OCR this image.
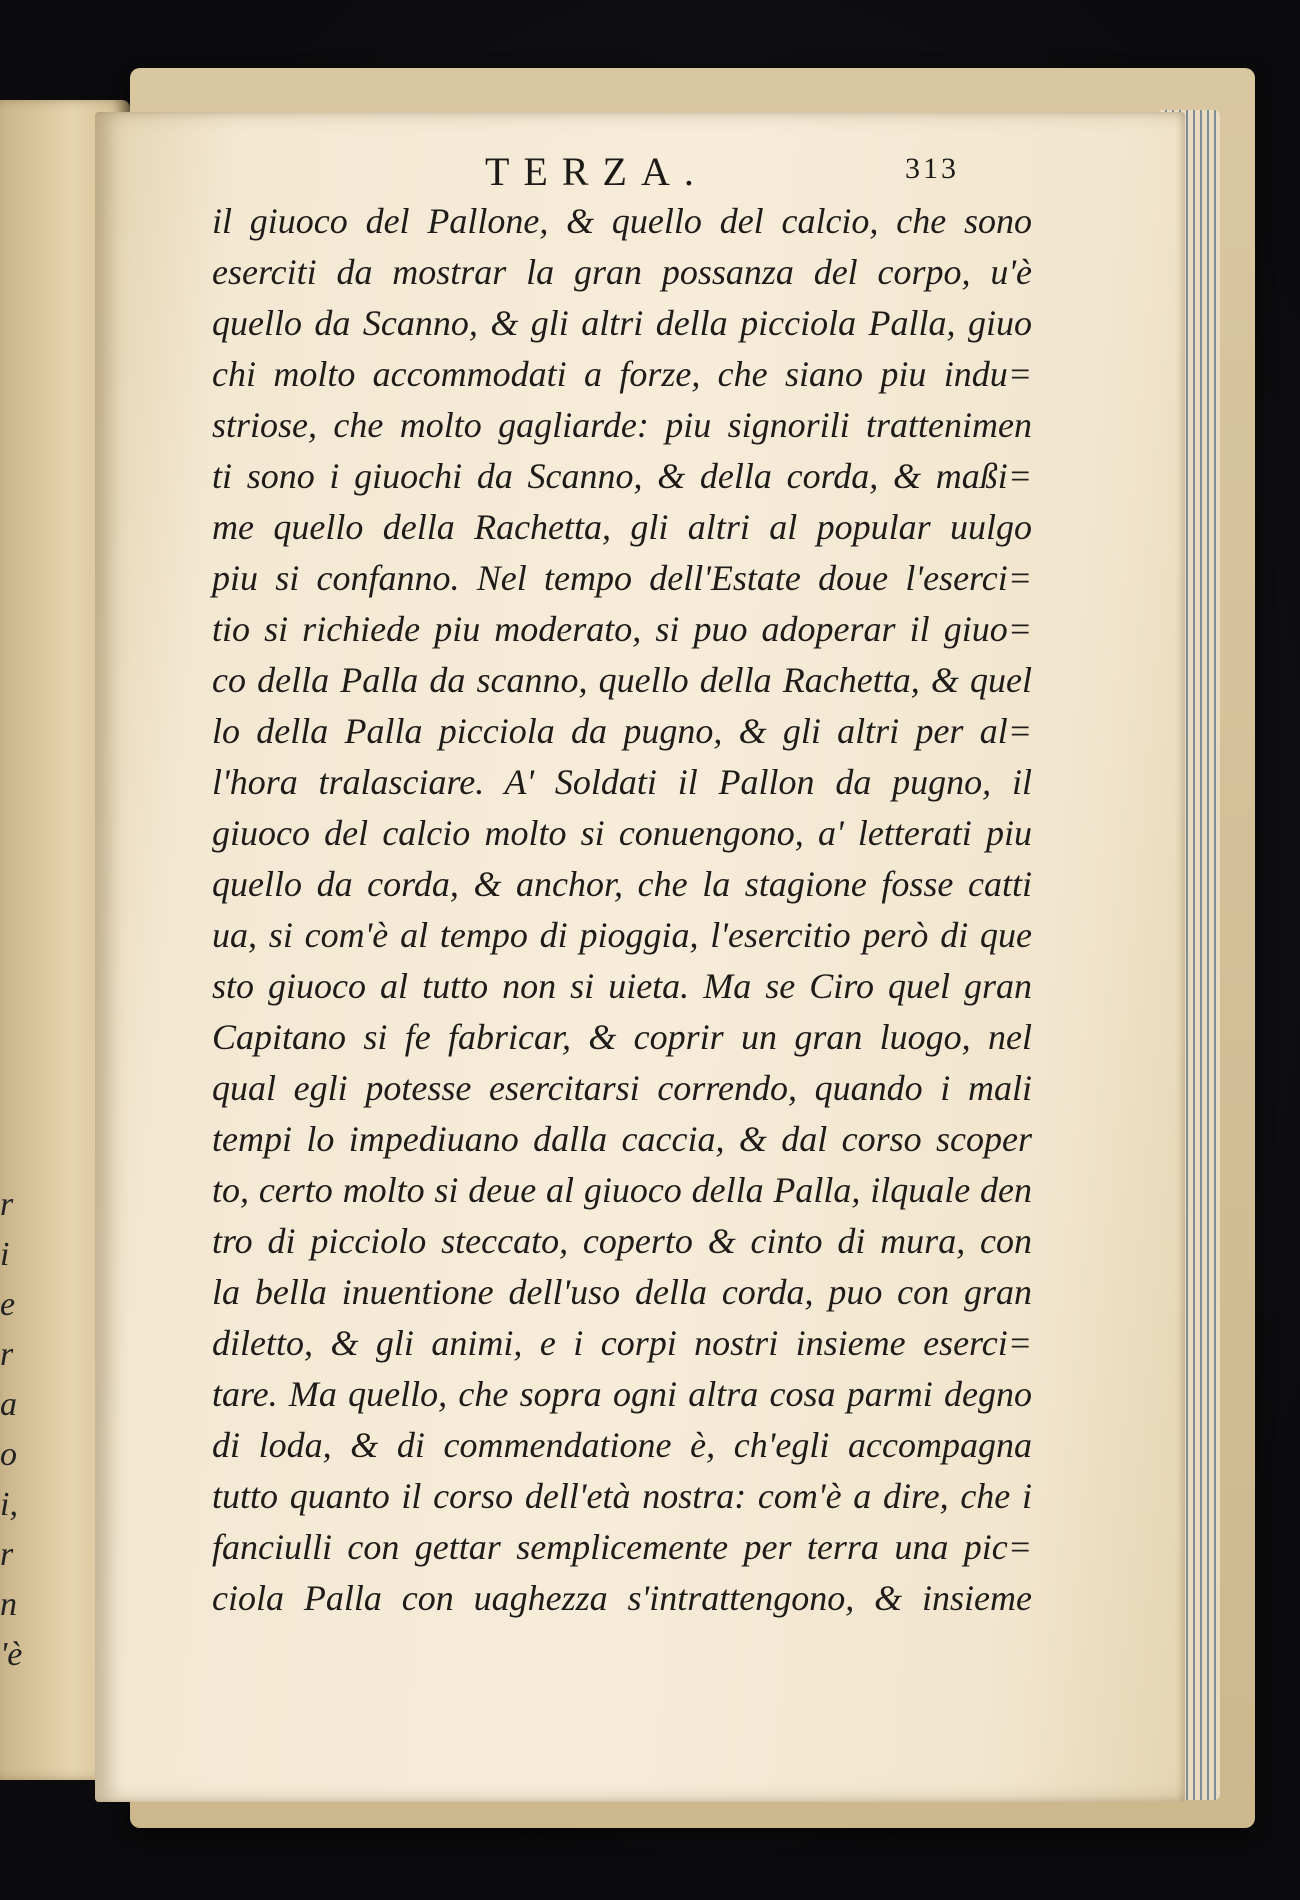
r
i
e
r
a
o
i,
r
n
'è
TERZA.	313
il giuoco del Pallone, & quello del calcio, che sono
eserciti da mostrar la gran possanza del corpo, u'è
quello da Scanno, & gli altri della picciola Palla, giuo
chi molto accommodati a forze, che siano piu indu=
striose, che molto gagliarde: piu signorili trattenimen
ti sono i giuochi da Scanno, & della corda, & maßi=
me quello della Rachetta, gli altri al popular uulgo
piu si confanno. Nel tempo dell'Estate doue l'eserci=
tio si richiede piu moderato, si puo adoperar il giuo=
co della Palla da scanno, quello della Rachetta, & quel
lo della Palla picciola da pugno, & gli altri per al=
l'hora tralasciare. A' Soldati il Pallon da pugno, il
giuoco del calcio molto si conuengono, a' letterati piu
quello da corda, & anchor, che la stagione fosse catti
ua, si com'è al tempo di pioggia, l'esercitio però di que
sto giuoco al tutto non si uieta. Ma se Ciro quel gran
Capitano si fe fabricar, & coprir un gran luogo, nel
qual egli potesse esercitarsi correndo, quando i mali
tempi lo impediuano dalla caccia, & dal corso scoper
to, certo molto si deue al giuoco della Palla, ilquale den
tro di picciolo steccato, coperto & cinto di mura, con
la bella inuentione dell'uso della corda, puo con gran
diletto, & gli animi, e i corpi nostri insieme eserci=
tare. Ma quello, che sopra ogni altra cosa parmi degno
di loda, & di commendatione è, ch'egli accompagna
tutto quanto il corso dell'età nostra: com'è a dire, che i
fanciulli con gettar semplicemente per terra una pic=
ciola Palla con uaghezza s'intrattengono, & insieme
